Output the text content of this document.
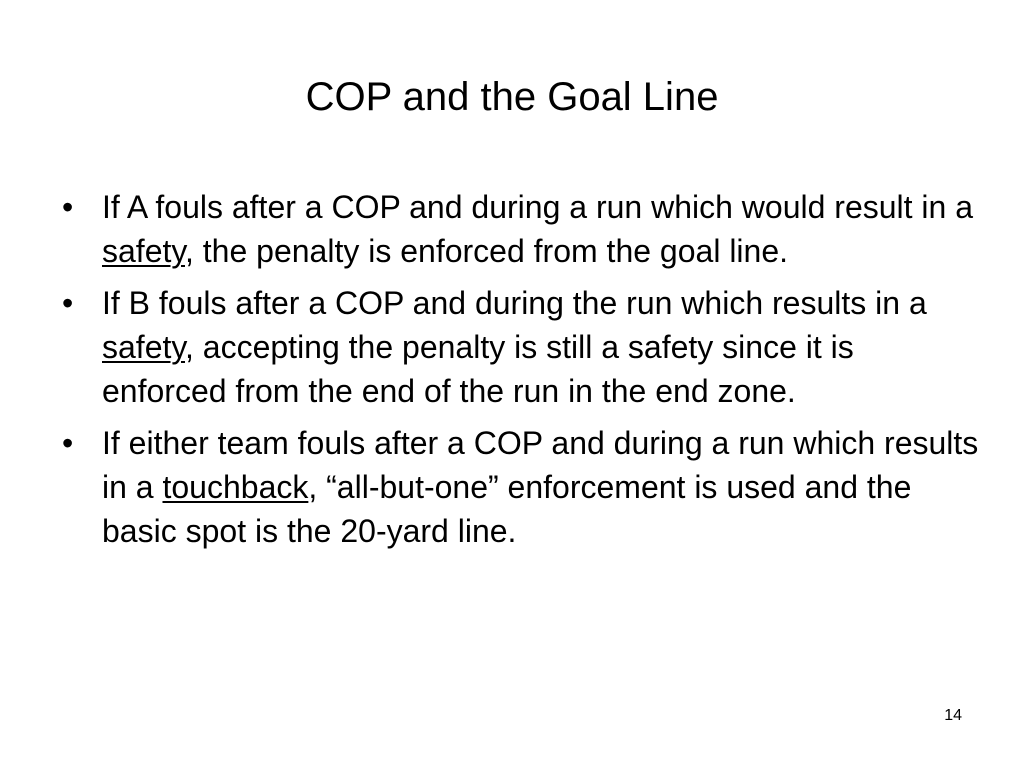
COP and the Goal Line
• If A fouls after a COP and during a run which would result in a safety, the penalty is enforced from the goal line.
• If B fouls after a COP and during the run which results in a safety, accepting the penalty is still a safety since it is enforced from the end of the run in the end zone.
• If either team fouls after a COP and during a run which results in a touchback, “all-but-one” enforcement is used and the basic spot is the 20-yard line.
14
